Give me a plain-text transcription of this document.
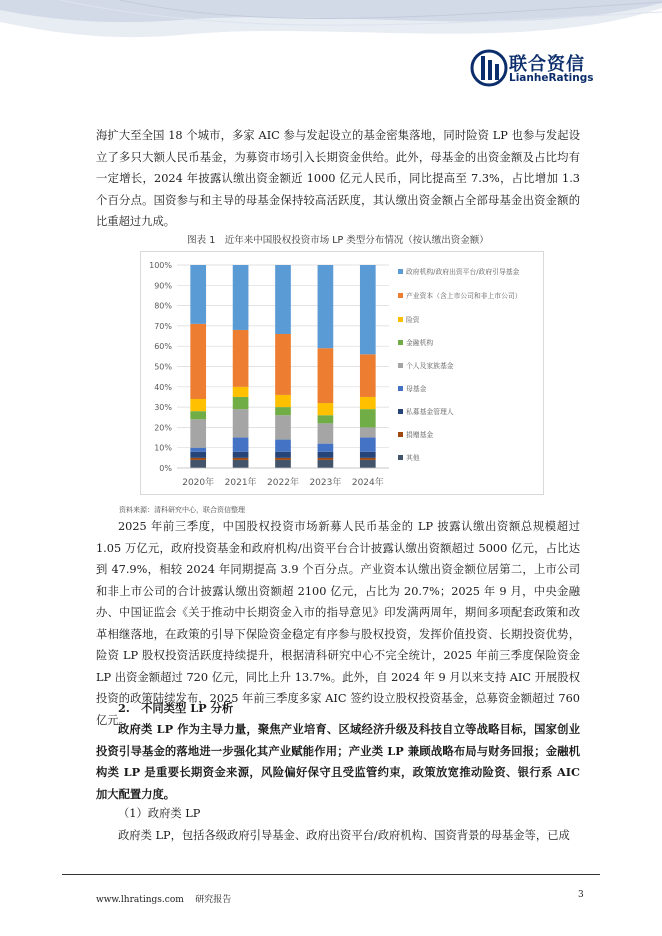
联合资信
LianheRatings

海扩大至全国 18 个城市，多家 AIC 参与发起设立的基金密集落地，同时险资 LP 也参与发起设立了多只大额人民币基金，为募资市场引入长期资金供给。此外，母基金的出资金额及占比均有一定增长，2024 年披露认缴出资金额近 1000 亿元人民币，同比提高至 7.3%，占比增加 1.3 个百分点。国资参与和主导的母基金保持较高活跃度，其认缴出资金额占全部母基金出资金额的比重超过九成。

图表 1　近年来中国股权投资市场 LP 类型分布情况（按认缴出资金额）
0%
10%
20%
30%
40%
50%
60%
70%
80%
90%
100%
2020年 2021年 2022年 2023年 2024年
政府机构/政府出资平台/政府引导基金
产业资本（含上市公司和非上市公司）
险资
金融机构
个人及家族基金
母基金
私募基金管理人
捐赠基金
其他
资料来源：清科研究中心，联合资信整理

2025 年前三季度，中国股权投资市场新募人民币基金的 LP 披露认缴出资额总规模超过 1.05 万亿元，政府投资基金和政府机构/出资平台合计披露认缴出资额超过 5000 亿元，占比达到 47.9%，相较 2024 年同期提高 3.9 个百分点。产业资本认缴出资金额位居第二，上市公司和非上市公司的合计披露认缴出资额超 2100 亿元，占比为 20.7%；2025 年 9 月，中央金融办、中国证监会《关于推动中长期资金入市的指导意见》印发满两周年，期间多项配套政策和改革相继落地，在政策的引导下保险资金稳定有序参与股权投资，发挥价值投资、长期投资优势，险资 LP 股权投资活跃度持续提升，根据清科研究中心不完全统计，2025 年前三季度保险资金 LP 出资金额超过 720 亿元，同比上升 13.7%。此外，自 2024 年 9 月以来支持 AIC 开展股权投资的政策陆续发布，2025 年前三季度多家 AIC 签约设立股权投资基金，总募资金额超过 760 亿元。

2.　不同类型 LP 分析

政府类 LP 作为主导力量，聚焦产业培育、区域经济升级及科技自立等战略目标，国家创业投资引导基金的落地进一步强化其产业赋能作用；产业类 LP 兼顾战略布局与财务回报；金融机构类 LP 是重要长期资金来源，风险偏好保守且受监管约束，政策放宽推动险资、银行系 AIC 加大配置力度。

（1）政府类 LP

政府类 LP，包括各级政府引导基金、政府出资平台/政府机构、国资背景的母基金等，已成

www.lhratings.com 研究报告	3
